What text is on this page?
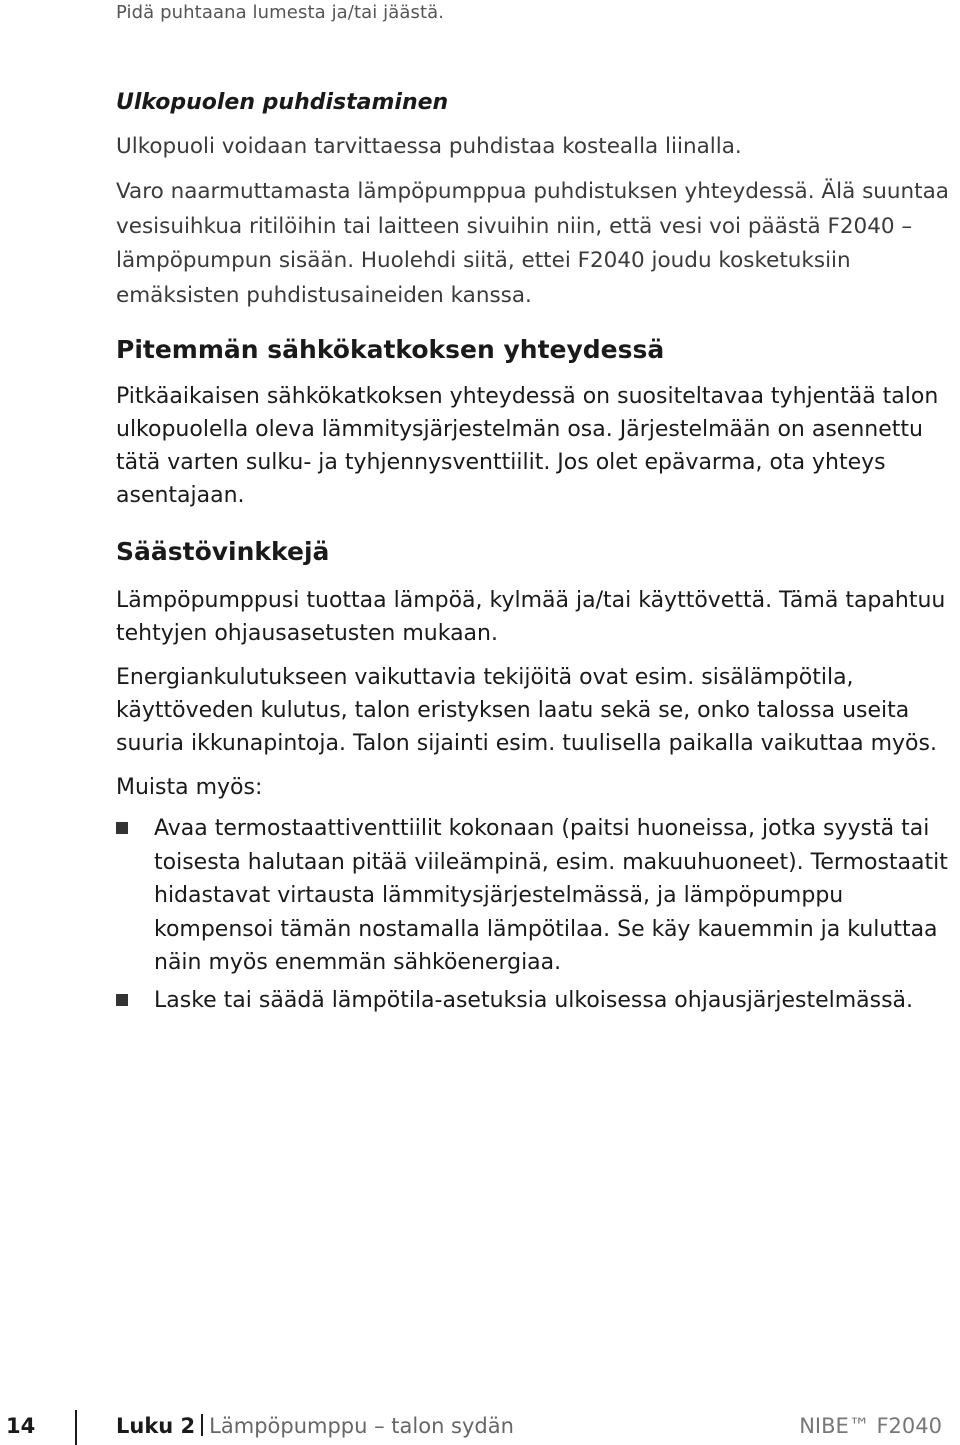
Pidä puhtaana lumesta ja/tai jäästä.
Ulkopuolen puhdistaminen

Ulkopuoli voidaan tarvittaessa puhdistaa kostealla liinalla.

Varo naarmuttamasta lämpöpumppua puhdistuksen yhteydessä. Älä suuntaa vesisuihkua ritilöihin tai laitteen sivuihin niin, että vesi voi päästä F2040 –lämpöpumpun sisään. Huolehdi siitä, ettei F2040 joudu kosketuksiin emäksisten puhdistusaineiden kanssa.

Pitemmän sähkökatkoksen yhteydessä

Pitkäaikaisen sähkökatkoksen yhteydessä on suositeltavaa tyhjentää talon ulkopuolella oleva lämmitysjärjestelmän osa. Järjestelmään on asennettu tätä varten sulku- ja tyhjennysventtiilit. Jos olet epävarma, ota yhteys asentajaan.

Säästövinkkejä

Lämpöpumppusi tuottaa lämpöä, kylmää ja/tai käyttövettä. Tämä tapahtuu tehtyjen ohjausasetusten mukaan.

Energiankulutukseen vaikuttavia tekijöitä ovat esim. sisälämpötila, käyttöveden kulutus, talon eristyksen laatu sekä se, onko talossa useita suuria ikkunapintoja. Talon sijainti esim. tuulisella paikalla vaikuttaa myös.

Muista myös:

Avaa termostaattiventtiilit kokonaan (paitsi huoneissa, jotka syystä tai toisesta halutaan pitää viileämpinä, esim. makuuhuoneet). Termostaatit hidastavat virtausta lämmitysjärjestelmässä, ja lämpöpumppu kompensoi tämän nostamalla lämpötilaa. Se käy kauemmin ja kuluttaa näin myös enemmän sähköenergiaa.
Laske tai säädä lämpötila-asetuksia ulkoisessa ohjausjärjestelmässä.
14	Luku 2 Lämpöpumppu – talon sydän	NIBE™ F2040
